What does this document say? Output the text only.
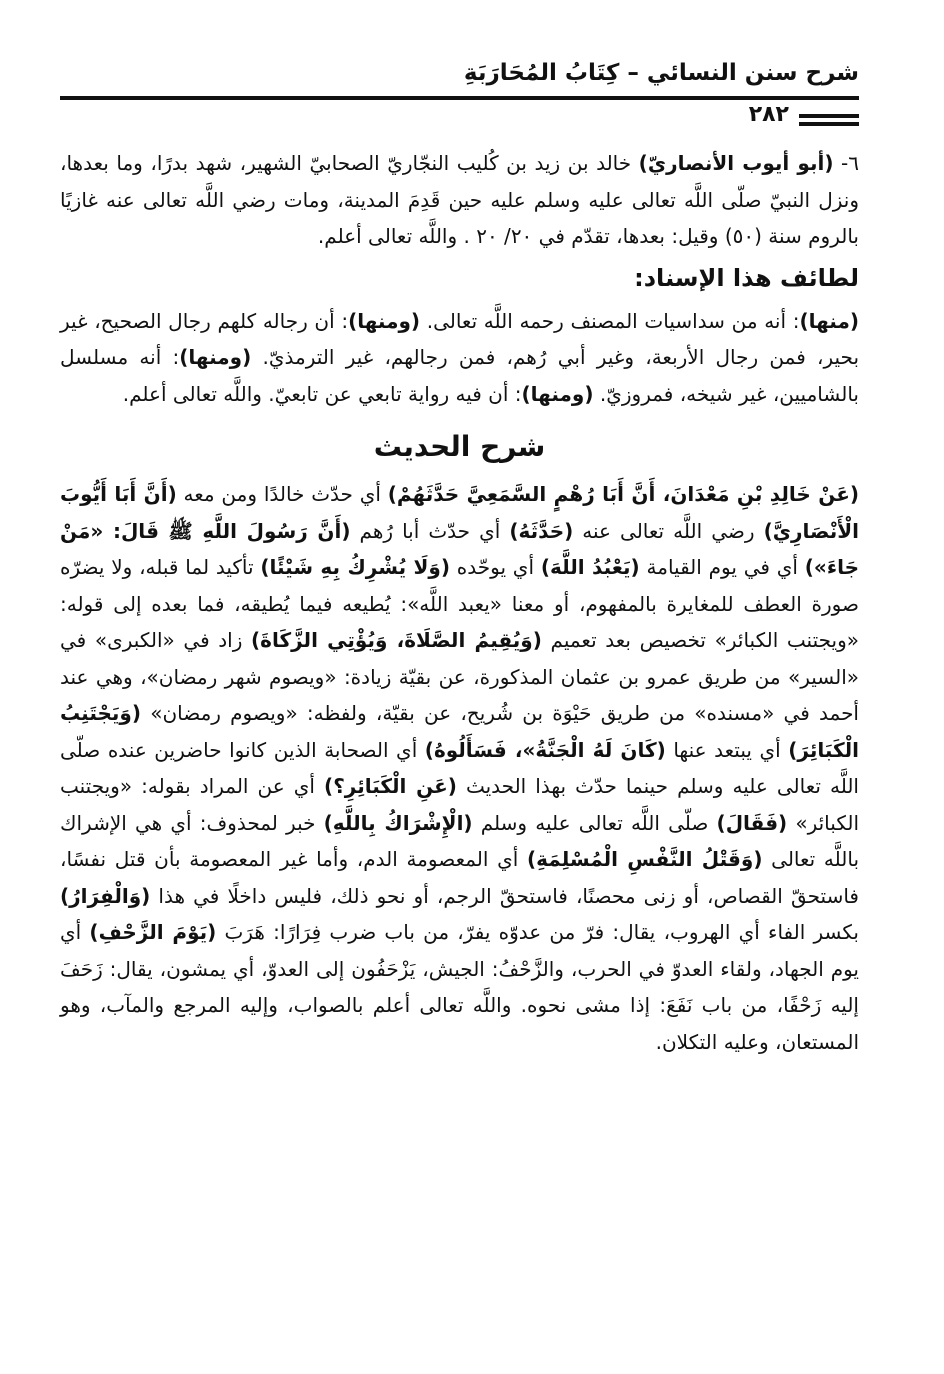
شرح سنن النسائي – كِتَابُ المُحَارَبَةِ
٢٨٢

٦- (أبو أيوب الأنصاريّ) خالد بن زيد بن كُليب النجّاريّ الصحابيّ الشهير، شهد بدرًا، وما بعدها، ونزل النبيّ صلّى اللَّه تعالى عليه وسلم عليه حين قَدِمَ المدينة، ومات رضي اللَّه تعالى عنه غازيًا بالروم سنة (٥٠) وقيل: بعدها، تقدّم في ٢٠/ ٢٠ . واللَّه تعالى أعلم.

لطائف هذا الإسناد:

(منها): أنه من سداسيات المصنف رحمه اللَّه تعالى. (ومنها): أن رجاله كلهم رجال الصحيح، غير بحير، فمن رجال الأربعة، وغير أبي رُهم، فمن رجالهم، غير الترمذيّ. (ومنها): أنه مسلسل بالشاميين، غير شيخه، فمروزيّ. (ومنها): أن فيه رواية تابعي عن تابعيّ. واللَّه تعالى أعلم.

شرح الحديث

(عَنْ خَالِدِ بْنِ مَعْدَانَ، أَنَّ أَبَا رُهْمٍ السَّمَعِيَّ حَدَّثَهُمْ) أي حدّث خالدًا ومن معه (أَنَّ أَبَا أَيُّوبَ الْأَنْصَارِيَّ) رضي اللَّه تعالى عنه (حَدَّثَهُ) أي حدّث أبا رُهم (أَنَّ رَسُولَ اللَّهِ ﷺ قَالَ: «مَنْ جَاءَ») أي في يوم القيامة (يَعْبُدُ اللَّهَ) أي يوحّده (وَلَا يُشْرِكُ بِهِ شَيْئًا) تأكيد لما قبله، ولا يضرّه صورة العطف للمغايرة بالمفهوم، أو معنا «يعبد اللَّه»: يُطيعه فيما يُطيقه، فما بعده إلى قوله: «ويجتنب الكبائر» تخصيص بعد تعميم (وَيُقِيمُ الصَّلَاةَ، وَيُؤْتِي الزَّكَاةَ) زاد في «الكبرى» في «السير» من طريق عمرو بن عثمان المذكورة، عن بقيّة زيادة: «ويصوم شهر رمضان»، وهي عند أحمد في «مسنده» من طريق حَيْوَة بن شُريح، عن بقيّة، ولفظه: «ويصوم رمضان» (وَيَجْتَنِبُ الْكَبَائِرَ) أي يبتعد عنها (كَانَ لَهُ الْجَنَّةُ»، فَسَأَلُوهُ) أي الصحابة الذين كانوا حاضرين عنده صلّى اللَّه تعالى عليه وسلم حينما حدّث بهذا الحديث (عَنِ الْكَبَائِرِ؟) أي عن المراد بقوله: «ويجتنب الكبائر» (فَقَالَ) صلّى اللَّه تعالى عليه وسلم (الْإِشْرَاكُ بِاللَّهِ) خبر لمحذوف: أي هي الإشراك باللَّه تعالى (وَقَتْلُ النَّفْسِ الْمُسْلِمَةِ) أي المعصومة الدم، وأما غير المعصومة بأن قتل نفسًا، فاستحقّ القصاص، أو زنى محصنًا، فاستحقّ الرجم، أو نحو ذلك، فليس داخلًا في هذا (وَالْفِرَارُ) بكسر الفاء أي الهروب، يقال: فرّ من عدوّه يفرّ، من باب ضرب فِرَارًا: هَرَبَ (يَوْمَ الزَّحْفِ) أي يوم الجهاد، ولقاء العدوّ في الحرب، والزَّحْفُ: الجيش، يَزْحَفُون إلى العدوّ، أي يمشون، يقال: زَحَفَ إليه زَحْفًا، من باب نَفَعَ: إذا مشى نحوه. واللَّه تعالى أعلم بالصواب، وإليه المرجع والمآب، وهو المستعان، وعليه التكلان.
